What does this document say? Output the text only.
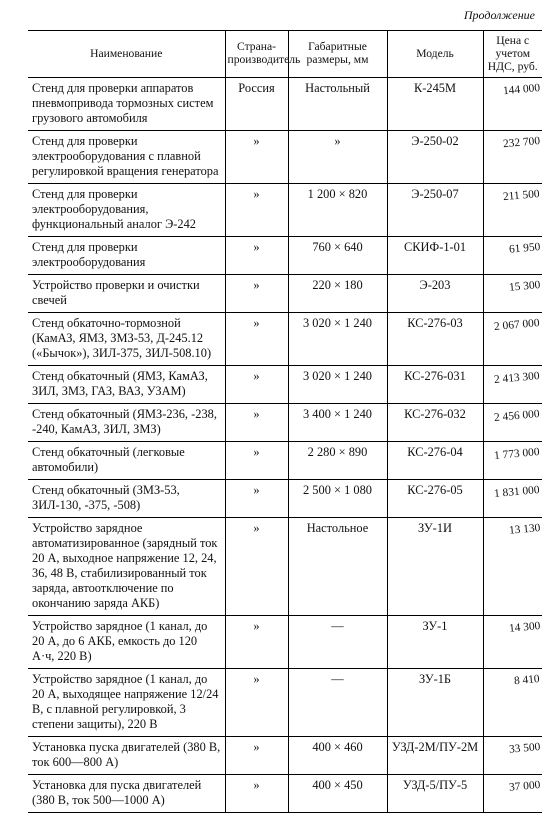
Продолжение
Наименование	Страна-производитель	Габаритные размеры, мм	Модель	Цена с учетом НДС, руб.
Стенд для проверки аппаратов пневмопривода тормозных систем грузового автомобиля	Россия	Настольный	К-245М	144 000
Стенд для проверки электрооборудования с плавной регулировкой вращения генератора	»	»	Э-250-02	232 700
Стенд для проверки электрооборудования, функциональный аналог Э-242	»	1 200 × 820	Э-250-07	211 500
Стенд для проверки электрооборудования	»	760 × 640	СКИФ-1-01	61 950
Устройство проверки и очистки свечей	»	220 × 180	Э-203	15 300
Стенд обкаточно-тормозной (КамАЗ, ЯМЗ, ЗМЗ-53, Д-245.12 («Бычок»), ЗИЛ-375, ЗИЛ-508.10)	»	3 020 × 1 240	КС-276-03	2 067 000
Стенд обкаточный (ЯМЗ, КамАЗ, ЗИЛ, ЗМЗ, ГАЗ, ВАЗ, УЗАМ)	»	3 020 × 1 240	КС-276-031	2 413 300
Стенд обкаточный (ЯМЗ-236, -238, -240, КамАЗ, ЗИЛ, ЗМЗ)	»	3 400 × 1 240	КС-276-032	2 456 000
Стенд обкаточный (легковые автомобили)	»	2 280 × 890	КС-276-04	1 773 000
Стенд обкаточный (ЗМЗ-53, ЗИЛ-130, -375, -508)	»	2 500 × 1 080	КС-276-05	1 831 000
Устройство зарядное автоматизированное (зарядный ток 20 А, выходное напряжение 12, 24, 36, 48 В, стабилизированный ток заряда, автоотключение по окончанию заряда АКБ)	»	Настольное	ЗУ-1И	13 130
Устройство зарядное (1 канал, до 20 А, до 6 АКБ, емкость до 120 А·ч, 220 В)	»	—	ЗУ-1	14 300
Устройство зарядное (1 канал, до 20 А, выходящее напряжение 12/24 В, с плавной регулировкой, 3 степени защиты), 220 В	»	—	ЗУ-1Б	8 410
Установка пуска двигателей (380 В, ток 600—800 А)	»	400 × 460	УЗД-2М/ПУ-2М	33 500
Установка для пуска двигателей (380 В, ток 500—1000 А)	»	400 × 450	УЗД-5/ПУ-5	37 000
